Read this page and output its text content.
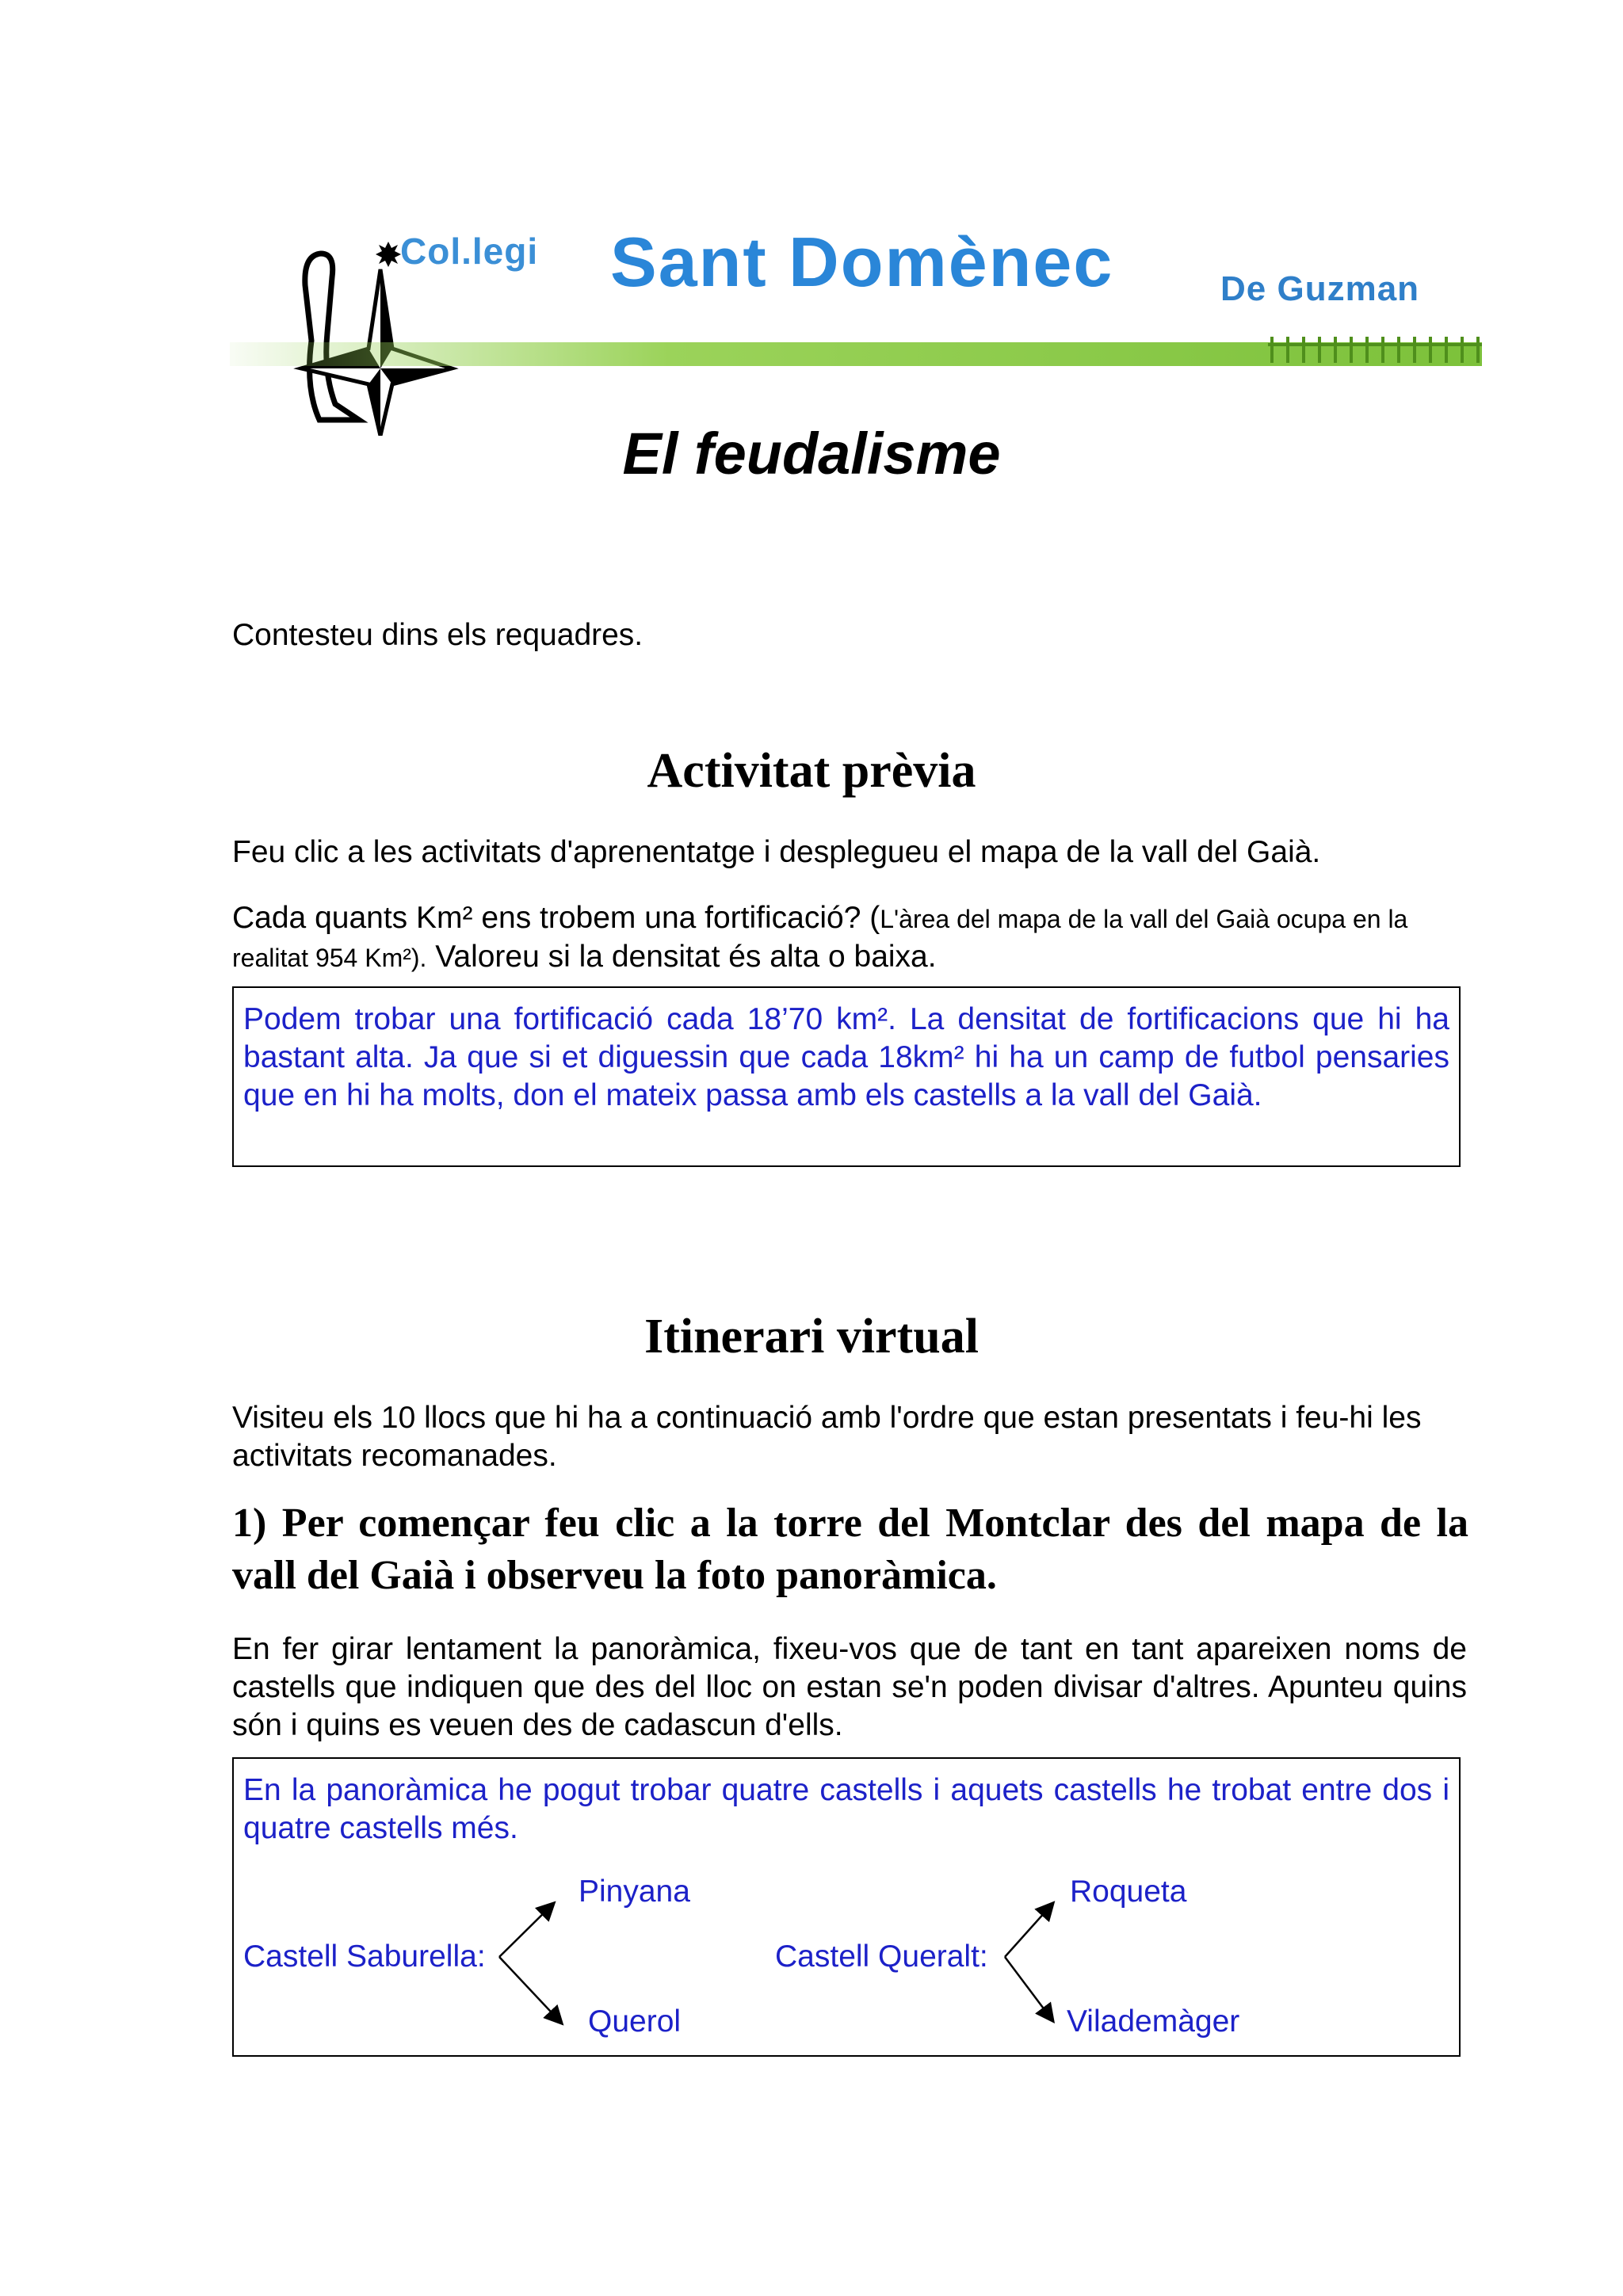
Col.legi Sant Domènec	De Guzman
El feudalisme
Contesteu dins els requadres.
Activitat prèvia
Feu clic a les activitats d'aprenentatge i desplegueu el mapa de la vall del Gaià.
Cada quants Km² ens trobem una fortificació? (L'àrea del mapa de la vall del Gaià ocupa en la realitat 954 Km²). Valoreu si la densitat és alta o baixa.
Podem trobar una fortificació cada 18’70 km². La densitat de fortificacions que hi ha bastant alta. Ja que si et diguessin que cada 18km² hi ha un camp de futbol pensaries que en hi ha molts, don el mateix passa amb els castells a la vall del Gaià.
Itinerari virtual
Visiteu els 10 llocs que hi ha a continuació amb l'ordre que estan presentats i feu-hi les activitats recomanades.
1) Per començar feu clic a la torre del Montclar des del mapa de la vall del Gaià i observeu la foto panoràmica.
En fer girar lentament la panoràmica, fixeu-vos que de tant en tant apareixen noms de castells que indiquen que des del lloc on estan se'n poden divisar d'altres. Apunteu quins són i quins es veuen des de cadascun d'ells.
En la panoràmica he pogut trobar quatre castells i aquets castells he trobat entre dos i quatre castells més.
Castell Saburella:
Pinyana
Querol
Castell Queralt:
Roqueta
Vilademàger
